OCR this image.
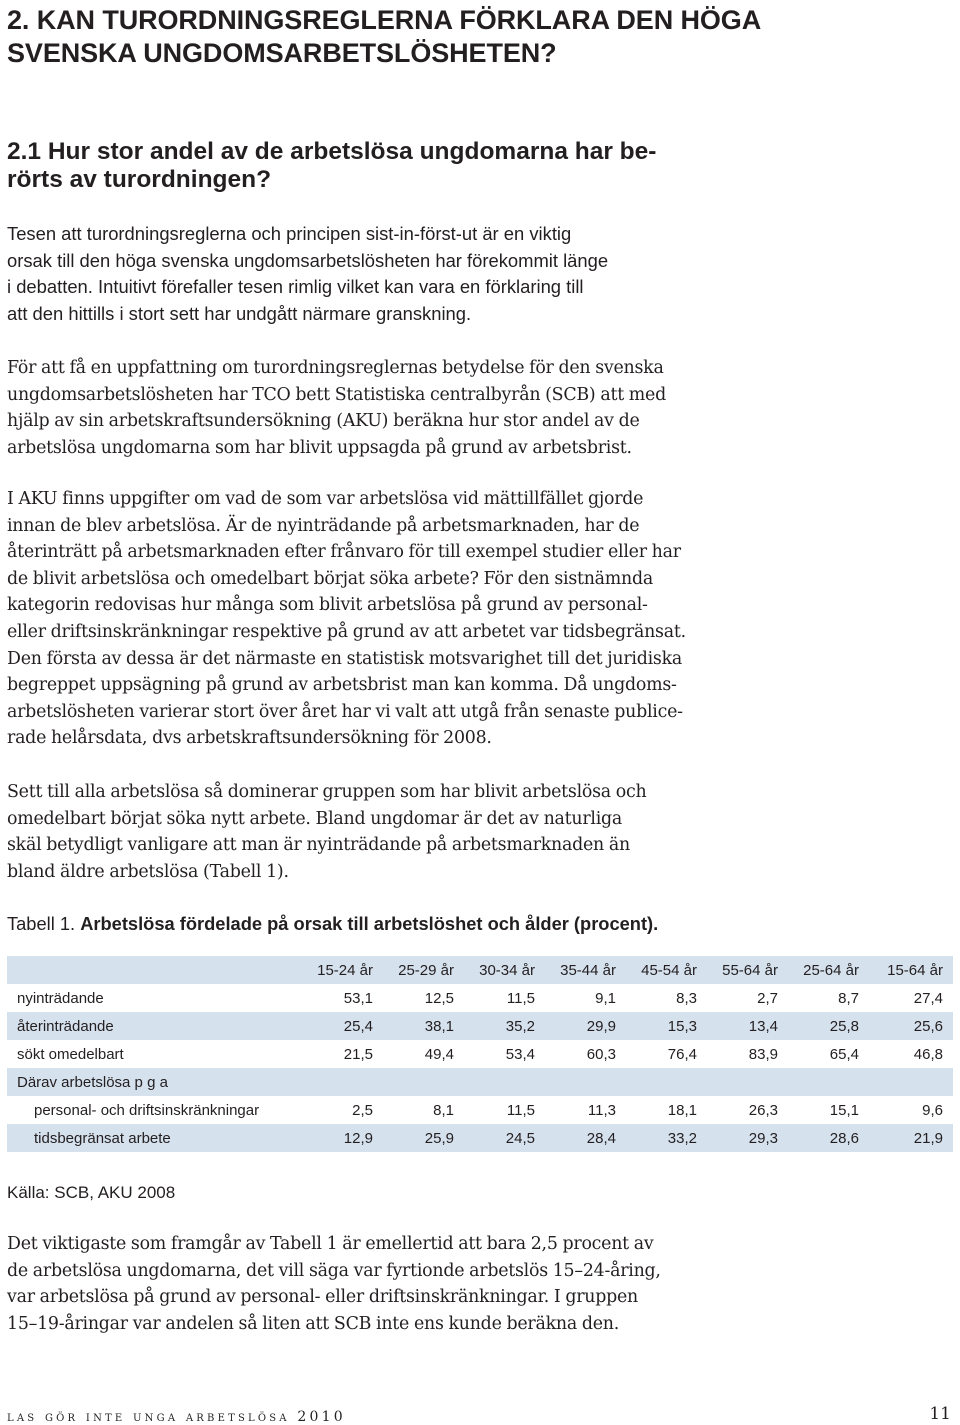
2. KAN TURORDNINGSREGLERNA FÖRKLARA DEN HÖGA
SVENSKA UNGDOMSARBETSLÖSHETEN?
2.1 Hur stor andel av de arbetslösa ungdomarna har be-
rörts av turordningen?

Tesen att turordningsreglerna och principen sist-in-först-ut är en viktig
orsak till den höga svenska ungdomsarbetslösheten har förekommit länge
i debatten. Intuitivt förefaller tesen rimlig vilket kan vara en förklaring till
att den hittills i stort sett har undgått närmare granskning.

För att få en uppfattning om turordningsreglernas betydelse för den svenska
ungdomsarbetslösheten har TCO bett Statistiska centralbyrån (SCB) att med
hjälp av sin arbetskraftsundersökning (AKU) beräkna hur stor andel av de
arbetslösa ungdomarna som har blivit uppsagda på grund av arbetsbrist.

I AKU finns uppgifter om vad de som var arbetslösa vid mättillfället gjorde
innan de blev arbetslösa. Är de nyinträdande på arbetsmarknaden, har de
återinträtt på arbetsmarknaden efter frånvaro för till exempel studier eller har
de blivit arbetslösa och omedelbart börjat söka arbete? För den sistnämnda
kategorin redovisas hur många som blivit arbetslösa på grund av personal-
eller driftsinskränkningar respektive på grund av att arbetet var tidsbegränsat.
Den första av dessa är det närmaste en statistisk motsvarighet till det juridiska
begreppet uppsägning på grund av arbetsbrist man kan komma. Då ungdoms-
arbetslösheten varierar stort över året har vi valt att utgå från senaste publice-
rade helårsdata, dvs arbetskraftsundersökning för 2008.

Sett till alla arbetslösa så dominerar gruppen som har blivit arbetslösa och
omedelbart börjat söka nytt arbete. Bland ungdomar är det av naturliga
skäl betydligt vanligare att man är nyinträdande på arbetsmarknaden än
bland äldre arbetslösa (Tabell 1).

Tabell 1. Arbetslösa fördelade på orsak till arbetslöshet och ålder (procent).

	15-24 år	25-29 år	30-34 år	35-44 år	45-54 år	55-64 år	25-64 år	15-64 år
nyinträdande	53,1	12,5	11,5	9,1	8,3	2,7	8,7	27,4
återinträdande	25,4	38,1	35,2	29,9	15,3	13,4	25,8	25,6
sökt omedelbart	21,5	49,4	53,4	60,3	76,4	83,9	65,4	46,8
Därav arbetslösa p g a								
personal- och driftsinskränkningar	2,5	8,1	11,5	11,3	18,1	26,3	15,1	9,6
tidsbegränsat arbete	12,9	25,9	24,5	28,4	33,2	29,3	28,6	21,9

Källa: SCB, AKU 2008

Det viktigaste som framgår av Tabell 1 är emellertid att bara 2,5 procent av
de arbetslösa ungdomarna, det vill säga var fyrtionde arbetslös 15–24-åring,
var arbetslösa på grund av personal- eller driftsinskränkningar. I gruppen
15–19-åringar var andelen så liten att SCB inte ens kunde beräkna den.

las gör inte unga arbetslösa 2010	11
